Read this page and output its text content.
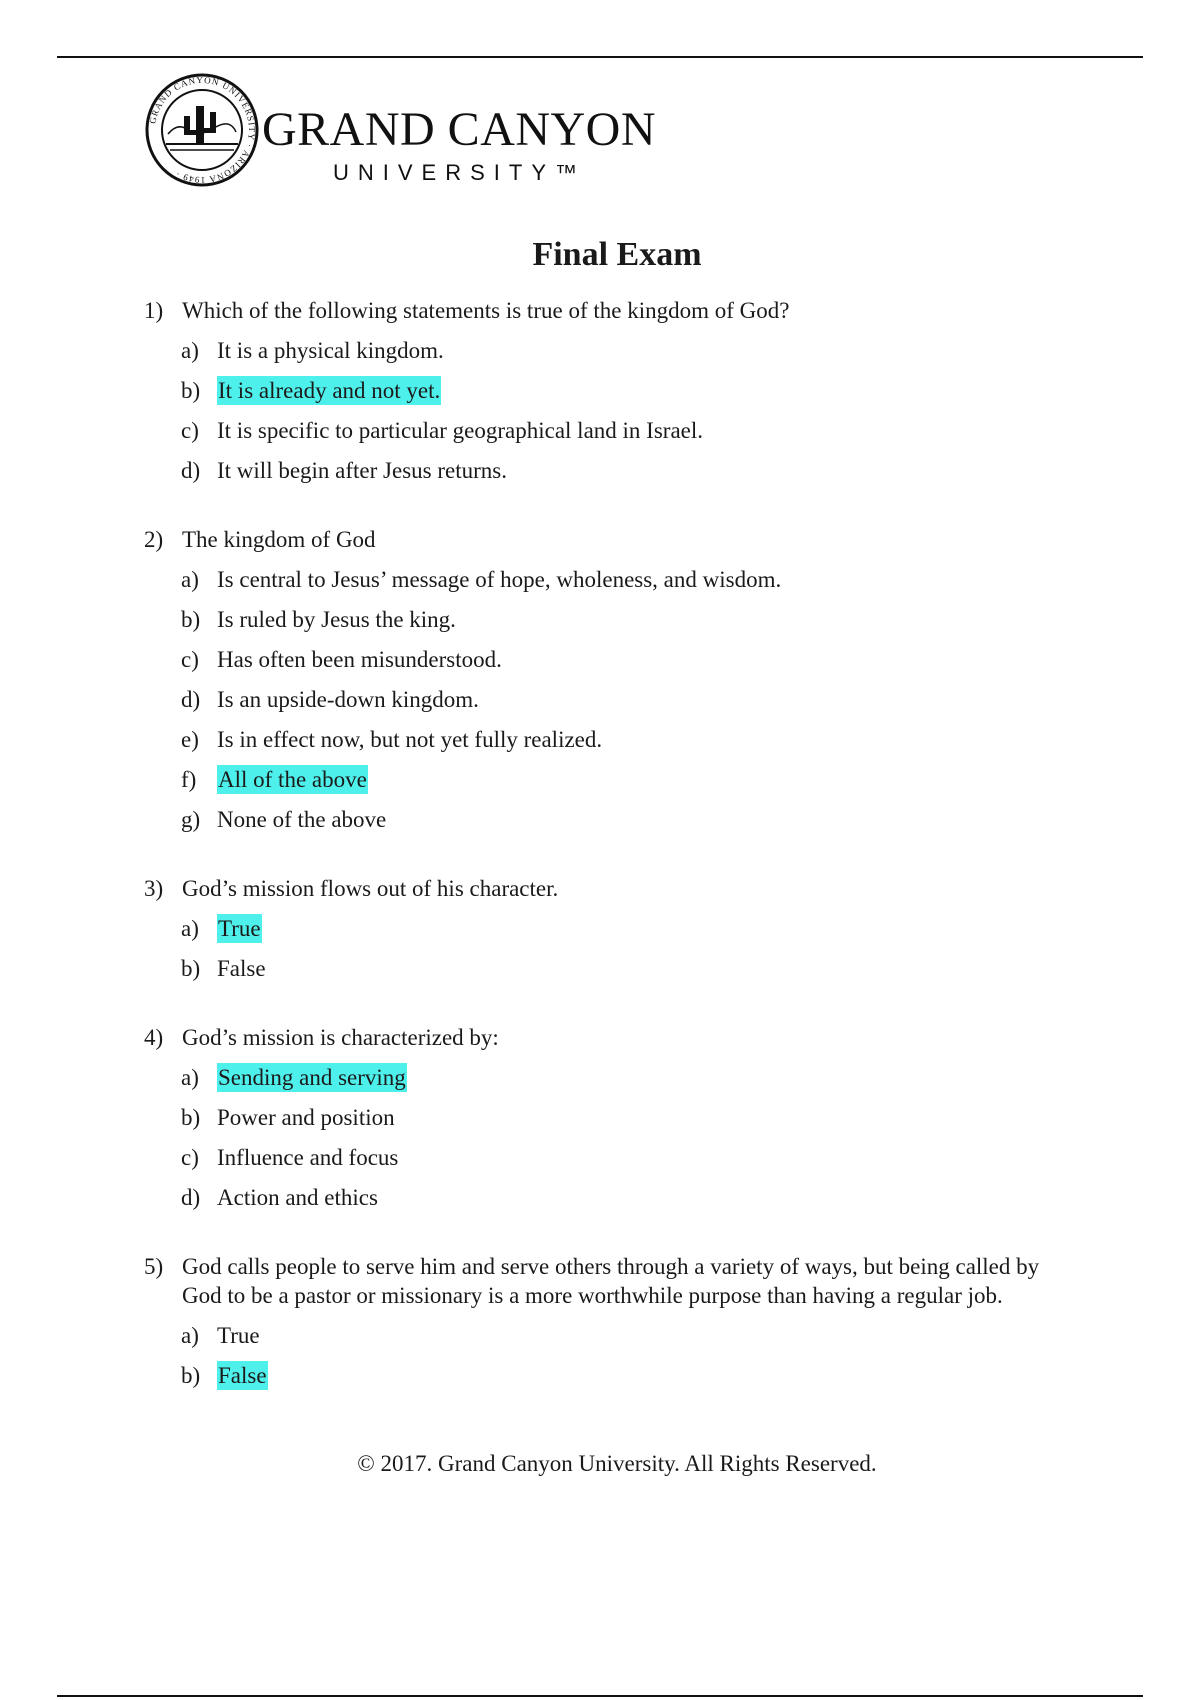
GRAND CANYON UNIVERSITY · ARIZONA 1949 ·
GRAND CANYON
UNIVERSITY™
Final Exam
1) Which of the following statements is true of the kingdom of God?
a) It is a physical kingdom.
b) It is already and not yet.
c) It is specific to particular geographical land in Israel.
d) It will begin after Jesus returns.
2) The kingdom of God
a) Is central to Jesus’ message of hope, wholeness, and wisdom.
b) Is ruled by Jesus the king.
c) Has often been misunderstood.
d) Is an upside-down kingdom.
e) Is in effect now, but not yet fully realized.
f) All of the above
g) None of the above
3) God’s mission flows out of his character.
a) True
b) False
4) God’s mission is characterized by:
a) Sending and serving
b) Power and position
c) Influence and focus
d) Action and ethics
5) God calls people to serve him and serve others through a variety of ways, but being called by God to be a pastor or missionary is a more worthwhile purpose than having a regular job.
a) True
b) False
© 2017. Grand Canyon University. All Rights Reserved.
